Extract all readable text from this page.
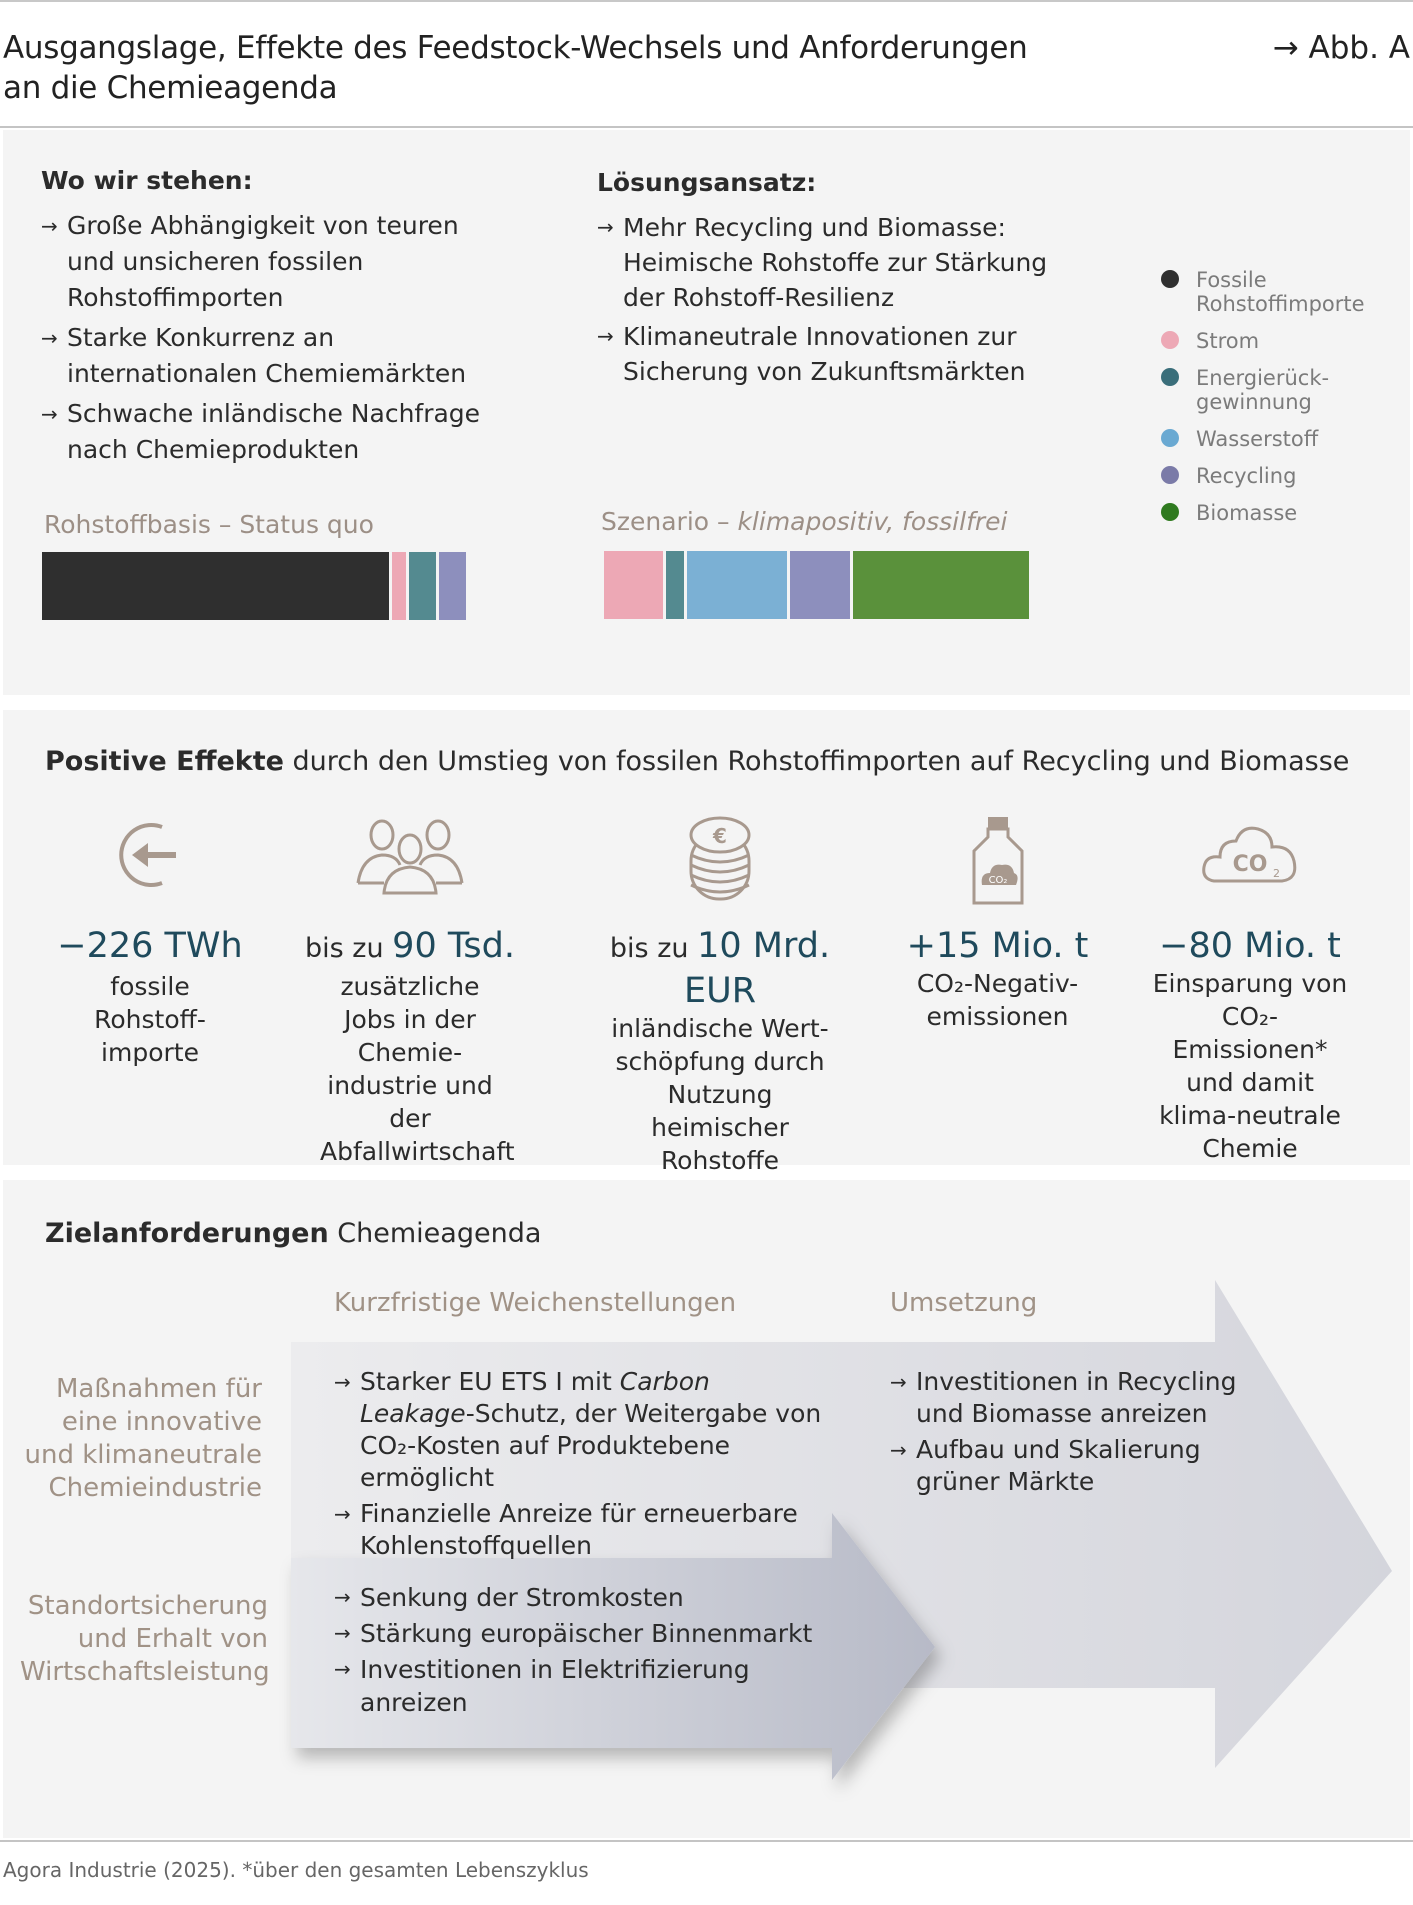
Ausgangslage, Effekte des Feedstock-Wechsels und Anforderungen an die Chemieagenda
→ Abb. A
Wo wir stehen:
→ Große Abhängigkeit von teuren und unsicheren fossilen Rohstoffimporten
→ Starke Konkurrenz an internationalen Chemiemärkten
→ Schwache inländische Nachfrage nach Chemieprodukten
Rohstoffbasis – Status quo
Lösungsansatz:
→ Mehr Recycling und Biomasse: Heimische Rohstoffe zur Stärkung der Rohstoff-Resilienz
→ Klimaneutrale Innovationen zur Sicherung von Zukunftsmärkten
Szenario – klimapositiv, fossilfrei
Fossile Rohstoffimporte
Strom
Energierück-gewinnung
Wasserstoff
Recycling
Biomasse
Positive Effekte durch den Umstieg von fossilen Rohstoffimporten auf Recycling und Biomasse
−226 TWh
fossile Rohstoff-importe
bis zu 90 Tsd.
zusätzliche Jobs in der Chemie-industrie und der Abfallwirtschaft
€
bis zu 10 Mrd. EUR
inländische Wert-schöpfung durch Nutzung heimischer Rohstoffe
CO₂
+15 Mio. t
CO₂-Negativ-emissionen
CO 2
−80 Mio. t
Einsparung von CO₂-Emissionen* und damit klima-neutrale Chemie
Zielanforderungen Chemieagenda
Kurzfristige Weichenstellungen	Umsetzung
Maßnahmen für eine innovative und klimaneutrale Chemieindustrie
Standortsicherung und Erhalt von Wirtschaftsleistung
→ Starker EU ETS I mit Carbon Leakage-Schutz, der Weitergabe von CO₂-Kosten auf Produktebene ermöglicht
→ Finanzielle Anreize für erneuerbare Kohlenstoffquellen
→ Investitionen in Recycling und Biomasse anreizen
→ Aufbau und Skalierung grüner Märkte
→ Senkung der Stromkosten
→ Stärkung europäischer Binnenmarkt
→ Investitionen in Elektrifizierung anreizen
Agora Industrie (2025). *über den gesamten Lebenszyklus
